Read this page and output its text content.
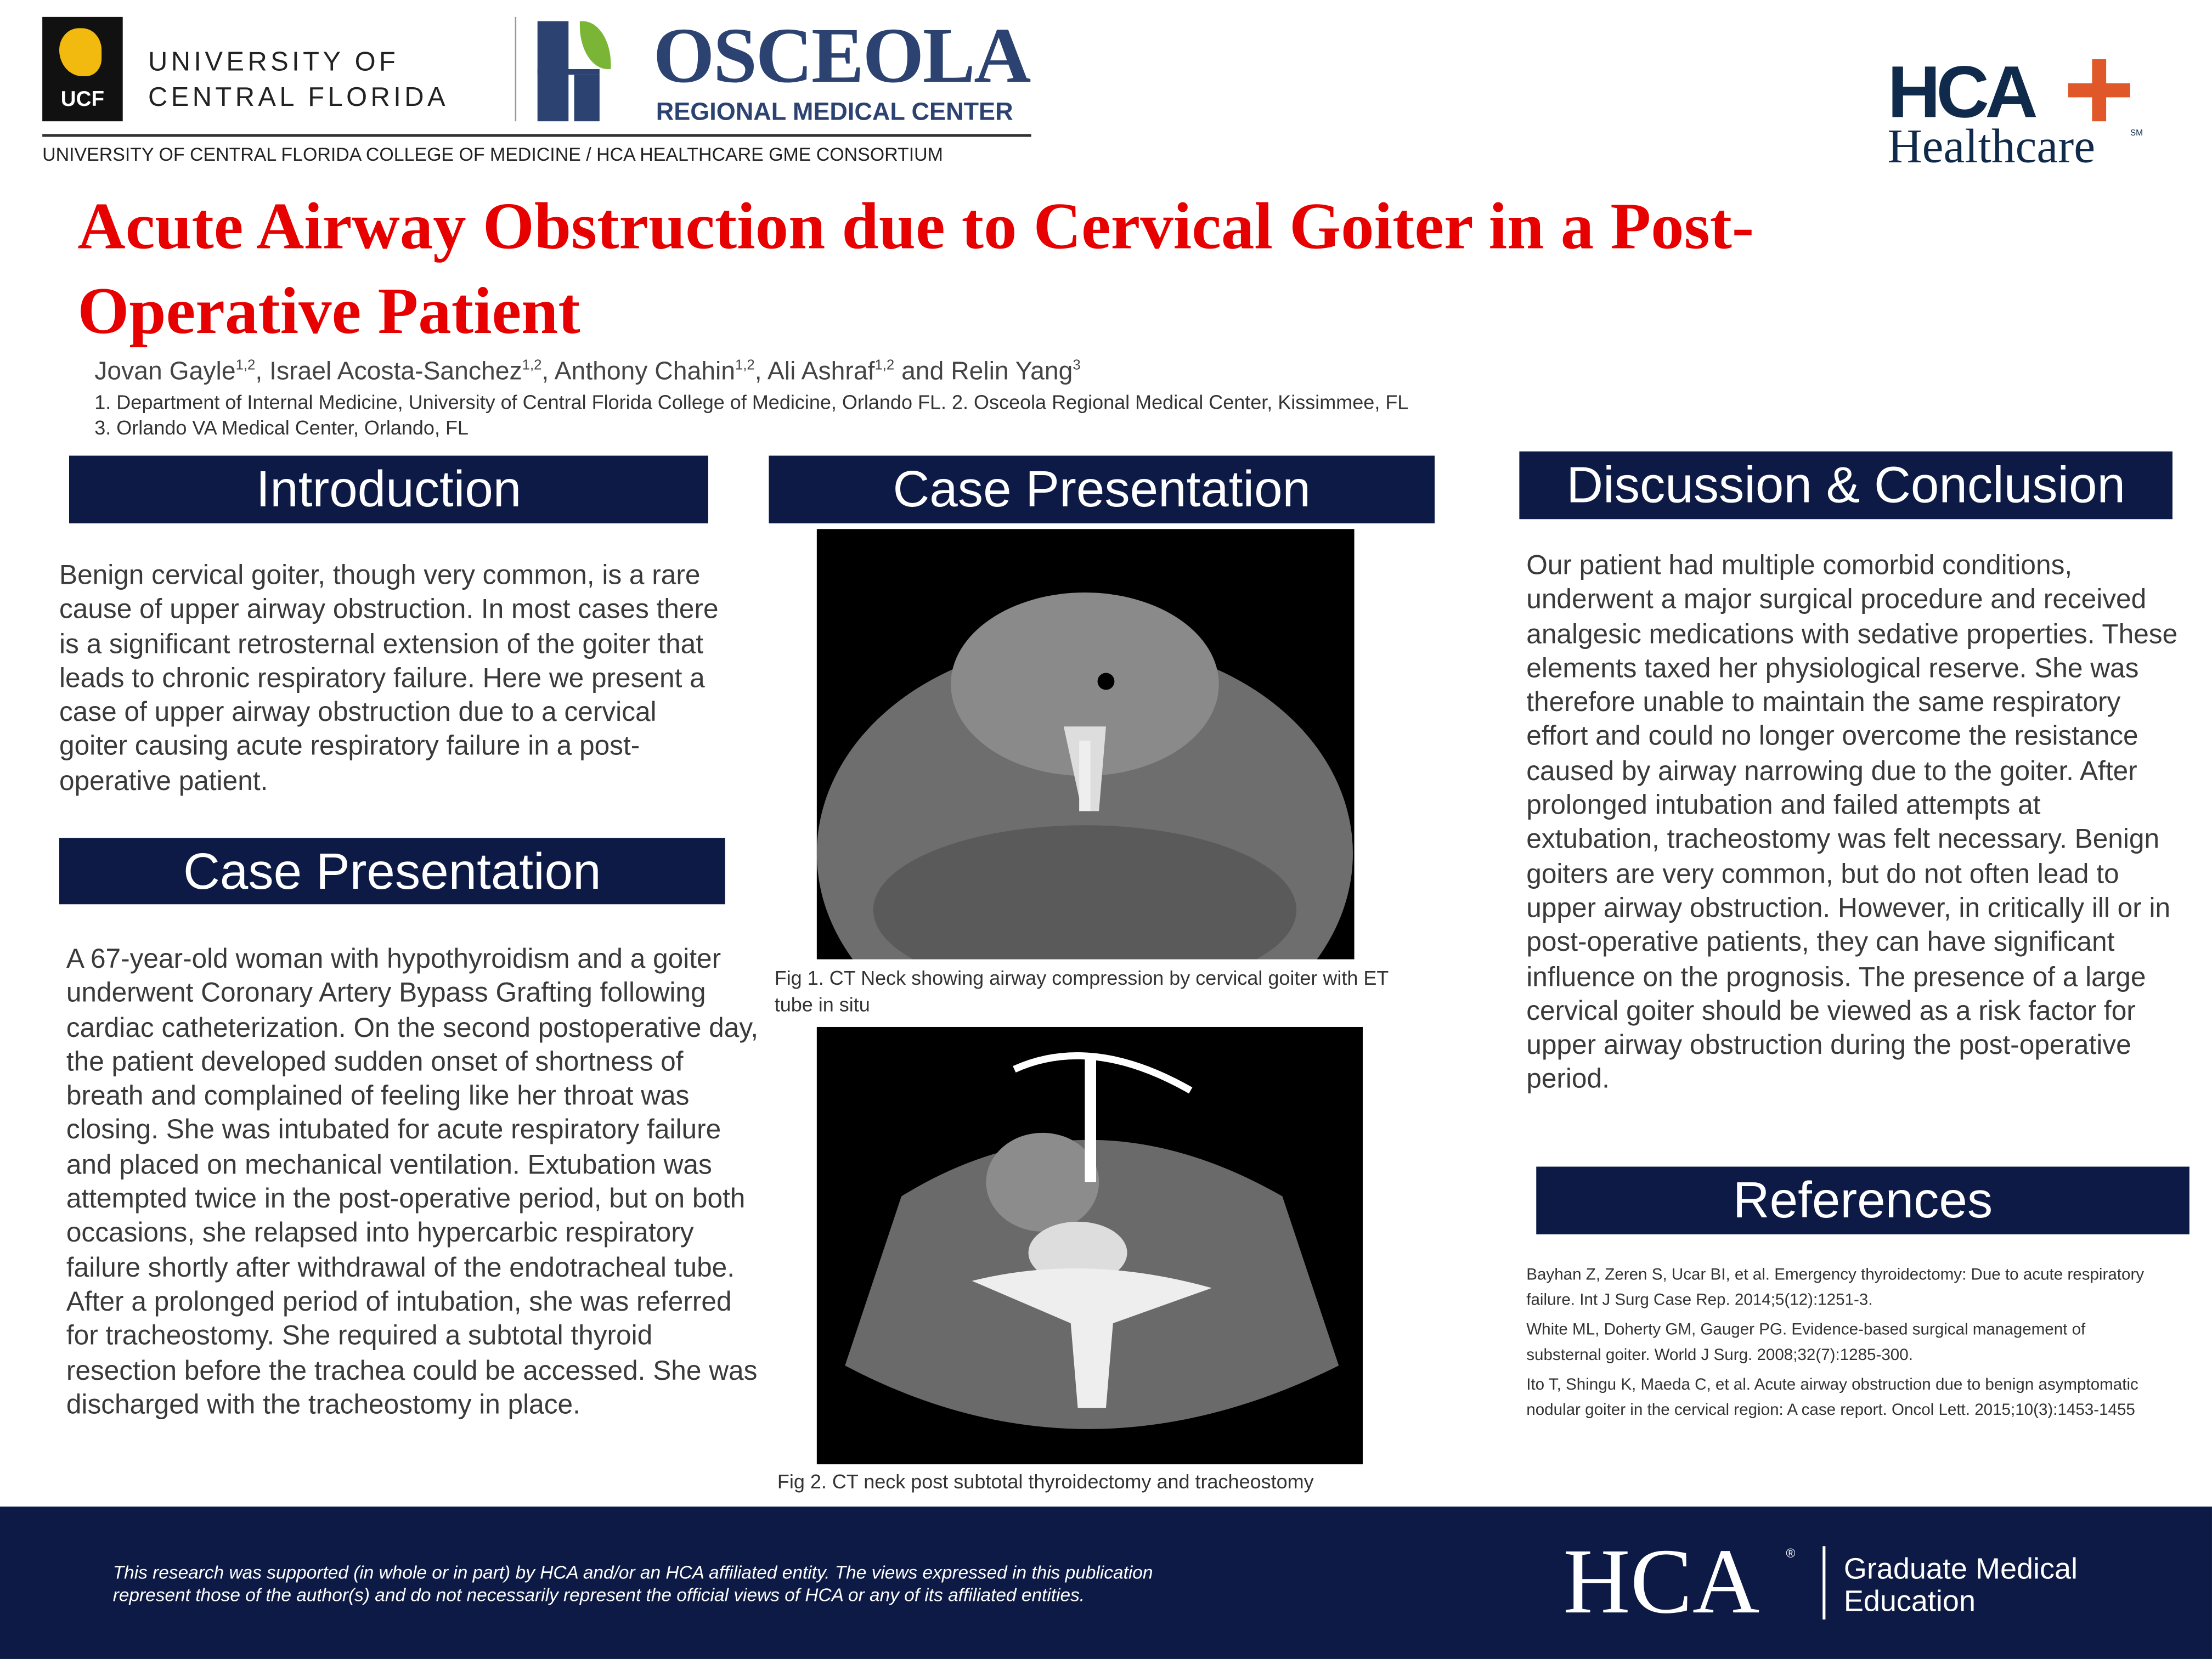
UCF
UNIVERSITY OF
CENTRAL FLORIDA	OSCEOLA
REGIONAL MEDICAL CENTER
UNIVERSITY OF CENTRAL FLORIDA COLLEGE OF MEDICINE / HCA HEALTHCARE GME CONSORTIUM
HCA
Healthcare	SM
Acute Airway Obstruction due to Cervical Goiter in a Post-
Operative Patient
Jovan Gayle$^{1,2}$, Israel Acosta-Sanchez$^{1,2}$, Anthony Chahin$^{1,2}$, Ali Ashraf$^{1,2}$ and Relin Yang$^3$
1. Department of Internal Medicine, University of Central Florida College of Medicine, Orlando FL. 2. Osceola Regional Medical Center, Kissimmee, FL
3. Orlando VA Medical Center, Orlando, FL
Introduction
Benign cervical goiter, though very common, is a rare cause of upper airway obstruction. In most cases there is a significant retrosternal extension of the goiter that leads to chronic respiratory failure. Here we present a case of upper airway obstruction due to a cervical goiter causing acute respiratory failure in a post-operative patient.
Case Presentation
A 67-year-old woman with hypothyroidism and a goiter underwent Coronary Artery Bypass Grafting following cardiac catheterization. On the second postoperative day, the patient developed sudden onset of shortness of breath and complained of feeling like her throat was closing. She was intubated for acute respiratory failure and placed on mechanical ventilation. Extubation was attempted twice in the post-operative period, but on both occasions, she relapsed into hypercarbic respiratory failure shortly after withdrawal of the endotracheal tube. After a prolonged period of intubation, she was referred for tracheostomy. She required a subtotal thyroid resection before the trachea could be accessed. She was discharged with the tracheostomy in place.
Case Presentation
Fig 1. CT Neck showing airway compression by cervical goiter with ET tube in situ
Fig 2. CT neck post subtotal thyroidectomy and tracheostomy
Discussion & Conclusion
Our patient had multiple comorbid conditions, underwent a major surgical procedure and received analgesic medications with sedative properties. These elements taxed her physiological reserve. She was therefore unable to maintain the same respiratory effort and could no longer overcome the resistance caused by airway narrowing due to the goiter. After prolonged intubation and failed attempts at extubation, tracheostomy was felt necessary. Benign goiters are very common, but do not often lead to upper airway obstruction. However, in critically ill or in post-operative patients, they can have significant influence on the prognosis. The presence of a large cervical goiter should be viewed as a risk factor for upper airway obstruction during the post-operative period.
References
Bayhan Z, Zeren S, Ucar BI, et al. Emergency thyroidectomy: Due to acute respiratory failure. Int J Surg Case Rep. 2014;5(12):1251-3.
White ML, Doherty GM, Gauger PG. Evidence-based surgical management of substernal goiter. World J Surg. 2008;32(7):1285-300.
Ito T, Shingu K, Maeda C, et al. Acute airway obstruction due to benign asymptomatic nodular goiter in the cervical region: A case report. Oncol Lett. 2015;10(3):1453-1455
This research was supported (in whole or in part) by HCA and/or an HCA affiliated entity. The views expressed in this publication
represent those of the author(s) and do not necessarily represent the official views of HCA or any of its affiliated entities.	HCA	®	Graduate Medical
Education
